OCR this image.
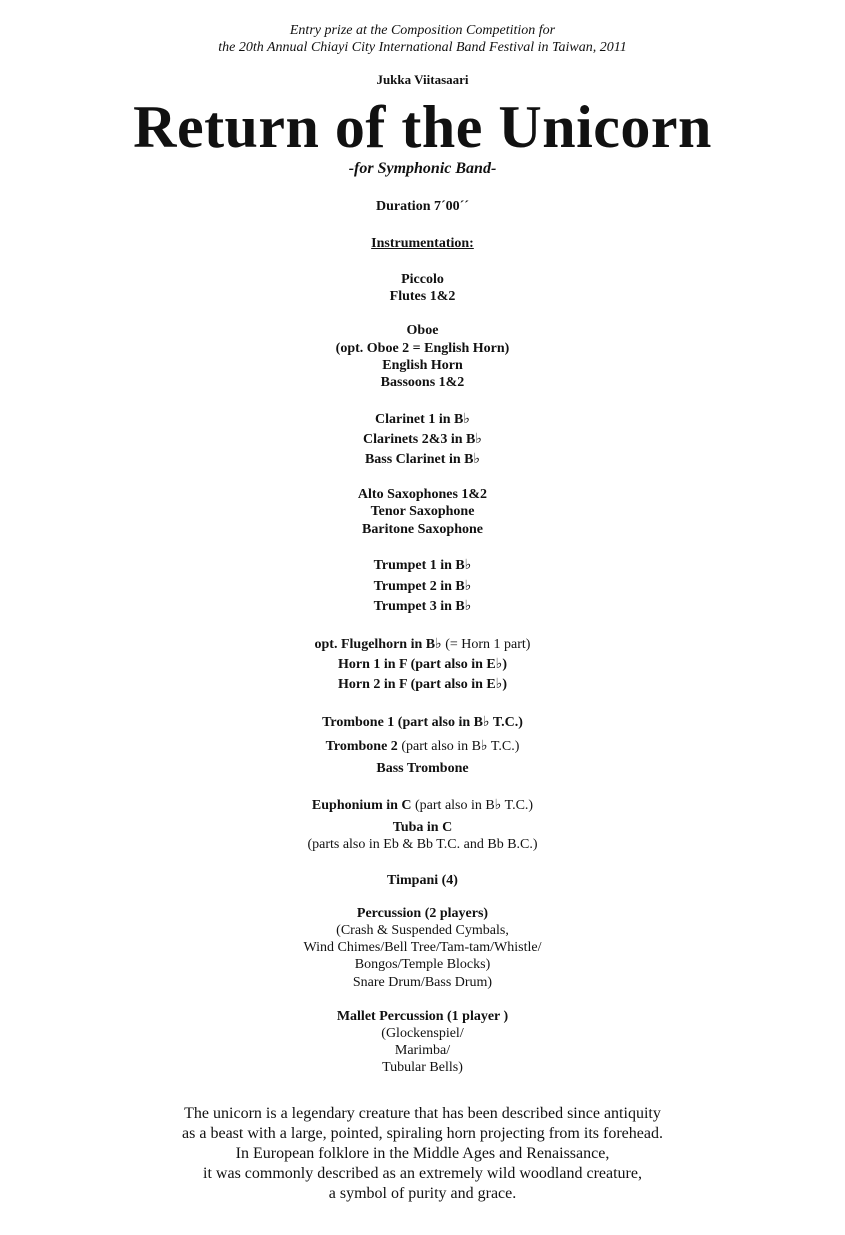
Entry prize at the Composition Competition for
the 20th Annual Chiayi City International Band Festival in Taiwan, 2011
Jukka Viitasaari
Return of the Unicorn
-for Symphonic Band-
Duration 7´00´´
Instrumentation:
Piccolo
Flutes 1&2
Oboe
(opt. Oboe 2 = English Horn)
English Horn
Bassoons 1&2
Clarinet 1 in B♭
Clarinets 2&3 in B♭
Bass Clarinet in B♭
Alto Saxophones 1&2
Tenor Saxophone
Baritone Saxophone
Trumpet 1 in B♭
Trumpet 2 in B♭
Trumpet 3 in B♭
opt. Flugelhorn in B♭ (= Horn 1 part)
Horn 1 in F (part also in E♭)
Horn 2 in F (part also in E♭)
Trombone 1 (part also in B♭ T.C.)
Trombone 2 (part also in B♭ T.C.)
Bass Trombone
Euphonium in C (part also in B♭ T.C.)
Tuba in C
(parts also in Eb & Bb T.C. and Bb B.C.)
Timpani (4)
Percussion (2 players)
(Crash & Suspended Cymbals,
Wind Chimes/Bell Tree/Tam-tam/Whistle/
Bongos/Temple Blocks)
Snare Drum/Bass Drum)
Mallet Percussion (1 player )
(Glockenspiel/
Marimba/
Tubular Bells)
The unicorn is a legendary creature that has been described since antiquity
as a beast with a large, pointed, spiraling horn projecting from its forehead.
In European folklore in the Middle Ages and Renaissance,
it was commonly described as an extremely wild woodland creature,
a symbol of purity and grace.
